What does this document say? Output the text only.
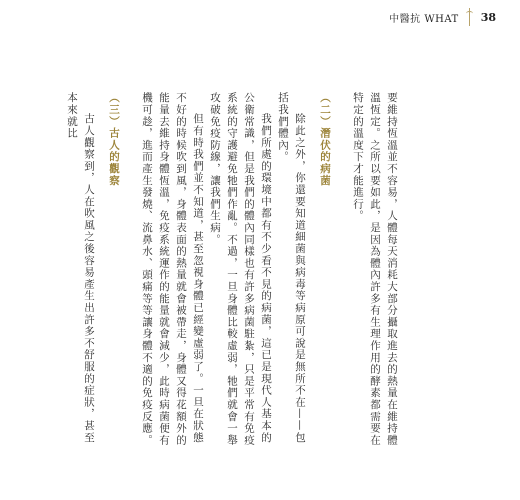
中醫抗 WHAT 38

要維持恆溫並不容易，人體每天消耗大部分攝取進去的熱量在維持體溫恆定。之所以要如此，是因為體內許多有生理作用的酵素都需要在特定的溫度下才能進行。

（二）潛伏的病菌

除此之外，你還要知道細菌與病毒等病原可說是無所不在——包括我們體內。

我們所處的環境中都有不少看不見的病菌，這已是現代人基本的公衛常識，但是我們的體內同樣也有許多病菌駐紮，只是平常有免疫系統的守護避免牠們作亂。不過，一旦身體比較虛弱，牠們就會一舉攻破免疫防線，讓我們生病。

但有時我們並不知道，甚至忽視身體已經變虛弱了。一旦在狀態不好的時候吹到風，身體表面的熱量就會被帶走，身體又得花額外的能量去維持身體恆溫，免疫系統運作的能量就會減少，此時病菌便有機可趁，進而產生發燒、流鼻水、頭痛等等讓身體不適的免疫反應。

（三）古人的觀察

古人觀察到，人在吹風之後容易產生出許多不舒服的症狀，甚至本來就比
